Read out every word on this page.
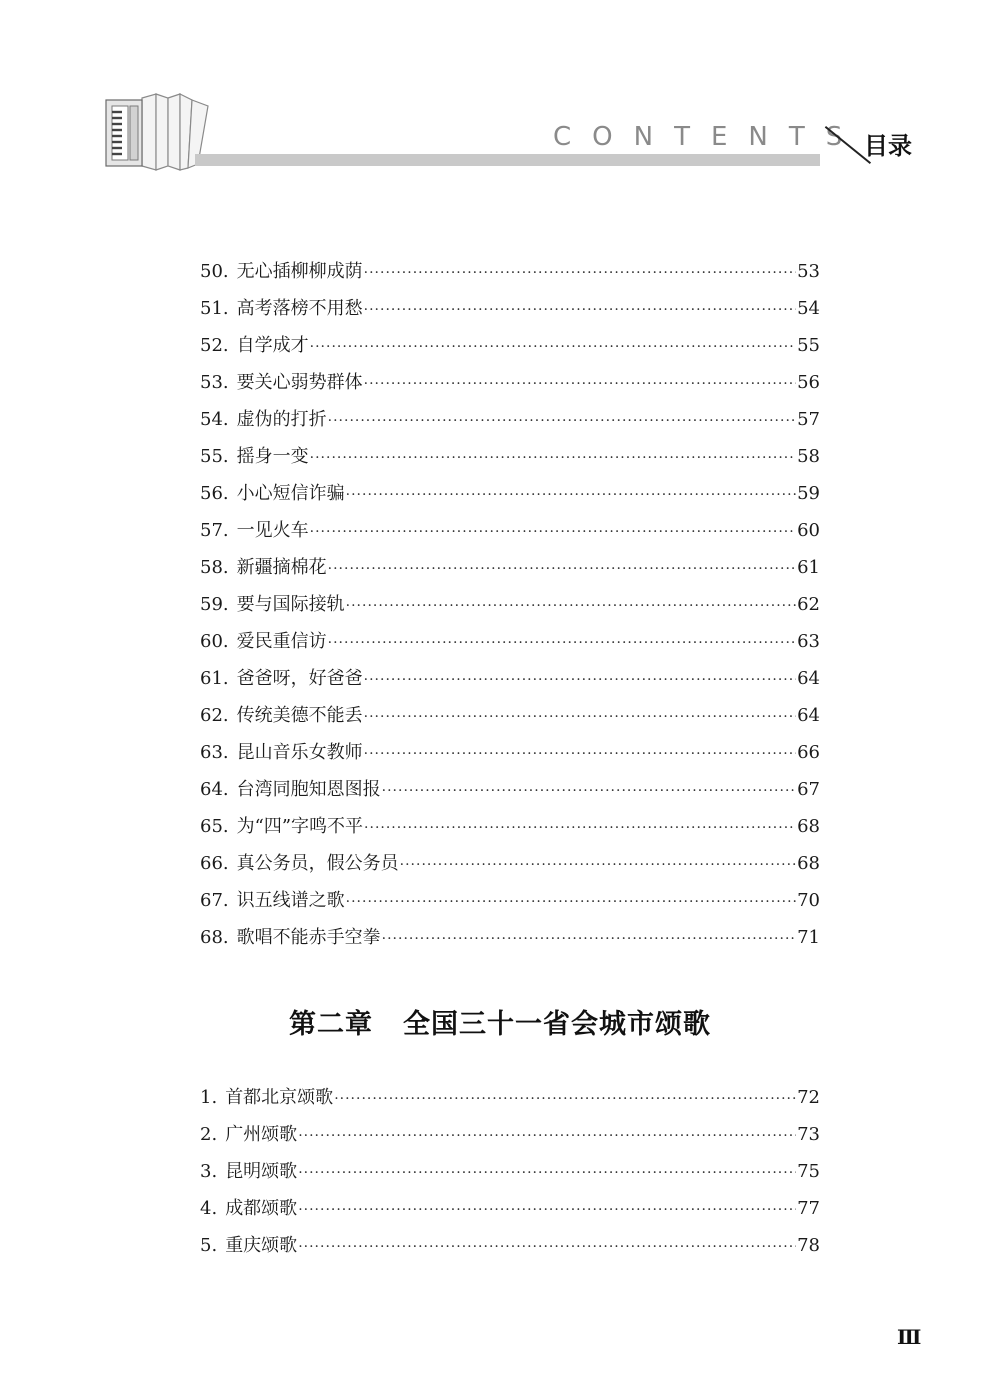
CONTENTS 目录
50. 无心插柳柳成荫 ·····	53
51. 高考落榜不用愁 ·····	54
52. 自学成才 ·····	55
53. 要关心弱势群体 ·····	56
54. 虚伪的打折 ·····	57
55. 摇身一变 ·····	58
56. 小心短信诈骗 ·····	59
57. 一见火车 ·····	60
58. 新疆摘棉花 ·····	61
59. 要与国际接轨 ·····	62
60. 爱民重信访 ·····	63
61. 爸爸呀，好爸爸 ·····	64
62. 传统美德不能丢 ·····	64
63. 昆山音乐女教师 ·····	66
64. 台湾同胞知恩图报 ·····	67
65. 为“四”字鸣不平 ·····	68
66. 真公务员，假公务员 ·····	68
67. 识五线谱之歌 ·····	70
68. 歌唱不能赤手空拳 ·····	71
第二章 全国三十一省会城市颂歌
1. 首都北京颂歌 ·····	72
2. 广州颂歌 ·····	73
3. 昆明颂歌 ·····	75
4. 成都颂歌 ·····	77
5. 重庆颂歌 ·····	78
Ⅲ
